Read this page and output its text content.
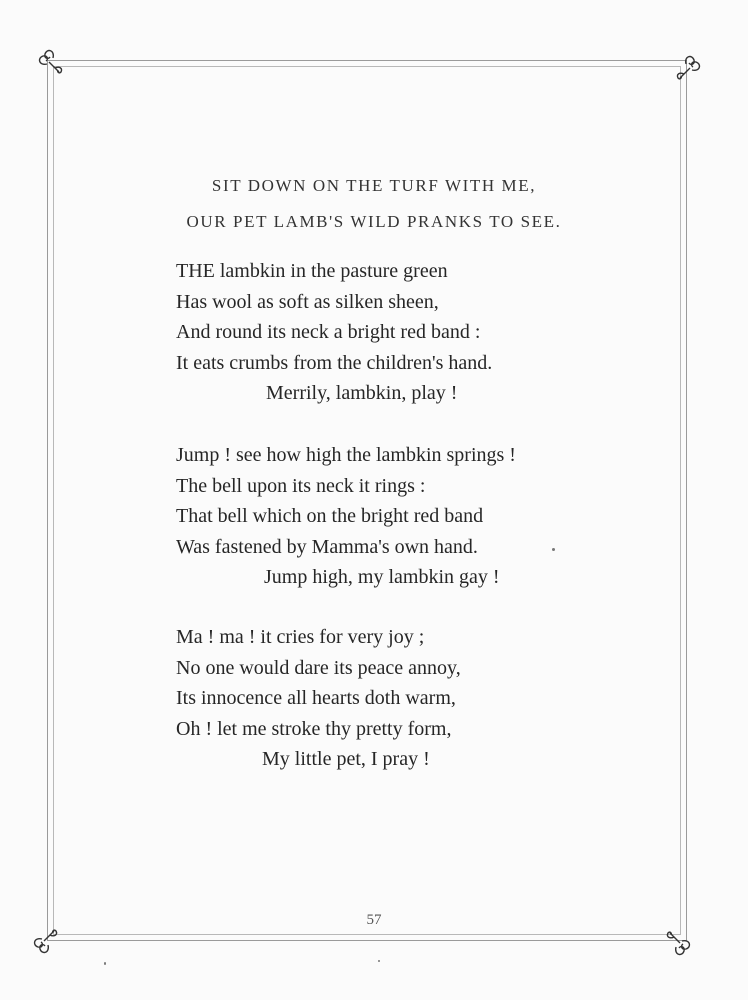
SIT DOWN ON THE TURF WITH ME,
OUR PET LAMB'S WILD PRANKS TO SEE.
THE lambkin in the pasture green
Has wool as soft as silken sheen,
And round its neck a bright red band :
It eats crumbs from the children's hand.
Merrily, lambkin, play !
Jump ! see how high the lambkin springs !
The bell upon its neck it rings :
That bell which on the bright red band
Was fastened by Mamma's own hand.
Jump high, my lambkin gay !
Ma ! ma ! it cries for very joy ;
No one would dare its peace annoy,
Its innocence all hearts doth warm,
Oh ! let me stroke thy pretty form,
My little pet, I pray !
57
